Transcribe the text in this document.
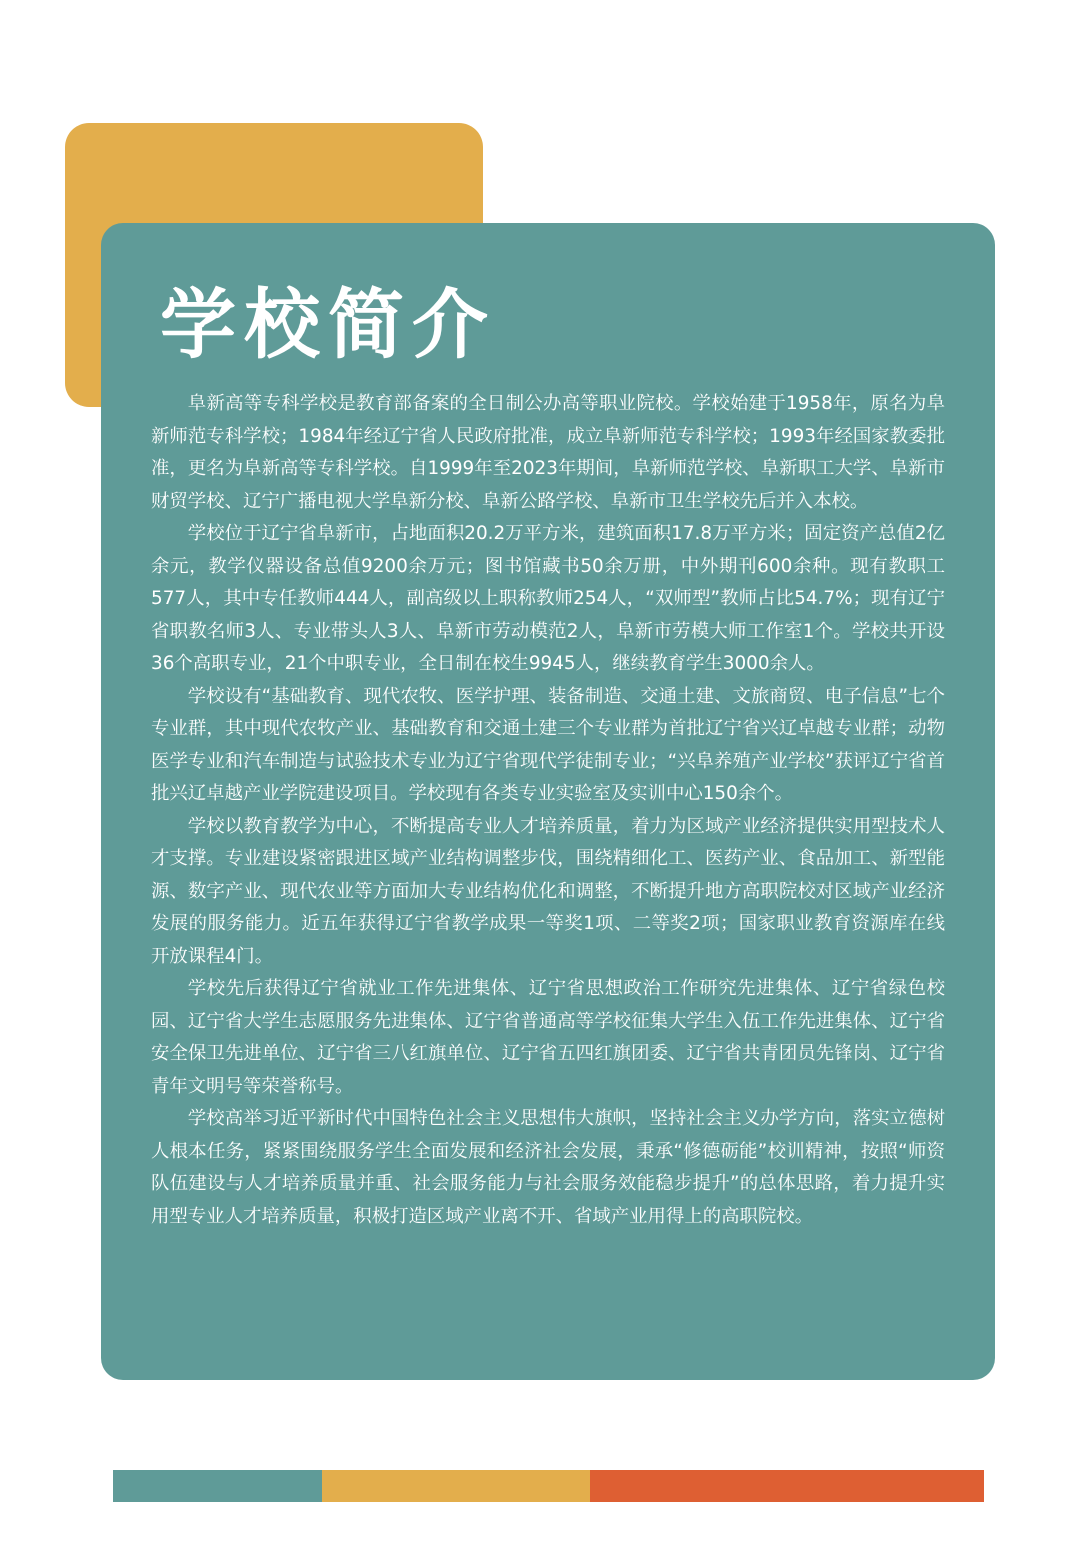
学校简介

阜新高等专科学校是教育部备案的全日制公办高等职业院校。学校始建于1958年，原名为阜新师范专科学校；1984年经辽宁省人民政府批准，成立阜新师范专科学校；1993年经国家教委批准，更名为阜新高等专科学校。自1999年至2023年期间，阜新师范学校、阜新职工大学、阜新市财贸学校、辽宁广播电视大学阜新分校、阜新公路学校、阜新市卫生学校先后并入本校。

学校位于辽宁省阜新市，占地面积20.2万平方米，建筑面积17.8万平方米；固定资产总值2亿余元，教学仪器设备总值9200余万元；图书馆藏书50余万册，中外期刊600余种。现有教职工577人，其中专任教师444人，副高级以上职称教师254人，“双师型”教师占比54.7%；现有辽宁省职教名师3人、专业带头人3人、阜新市劳动模范2人，阜新市劳模大师工作室1个。学校共开设36个高职专业，21个中职专业，全日制在校生9945人，继续教育学生3000余人。

学校设有“基础教育、现代农牧、医学护理、装备制造、交通土建、文旅商贸、电子信息”七个专业群，其中现代农牧产业、基础教育和交通土建三个专业群为首批辽宁省兴辽卓越专业群；动物医学专业和汽车制造与试验技术专业为辽宁省现代学徒制专业；“兴阜养殖产业学校”获评辽宁省首批兴辽卓越产业学院建设项目。学校现有各类专业实验室及实训中心150余个。

学校以教育教学为中心，不断提高专业人才培养质量，着力为区域产业经济提供实用型技术人才支撑。专业建设紧密跟进区域产业结构调整步伐，围绕精细化工、医药产业、食品加工、新型能源、数字产业、现代农业等方面加大专业结构优化和调整，不断提升地方高职院校对区域产业经济发展的服务能力。近五年获得辽宁省教学成果一等奖1项、二等奖2项；国家职业教育资源库在线开放课程4门。

学校先后获得辽宁省就业工作先进集体、辽宁省思想政治工作研究先进集体、辽宁省绿色校园、辽宁省大学生志愿服务先进集体、辽宁省普通高等学校征集大学生入伍工作先进集体、辽宁省安全保卫先进单位、辽宁省三八红旗单位、辽宁省五四红旗团委、辽宁省共青团员先锋岗、辽宁省青年文明号等荣誉称号。

学校高举习近平新时代中国特色社会主义思想伟大旗帜，坚持社会主义办学方向，落实立德树人根本任务，紧紧围绕服务学生全面发展和经济社会发展，秉承“修德砺能”校训精神，按照“师资队伍建设与人才培养质量并重、社会服务能力与社会服务效能稳步提升”的总体思路，着力提升实用型专业人才培养质量，积极打造区域产业离不开、省域产业用得上的高职院校。
